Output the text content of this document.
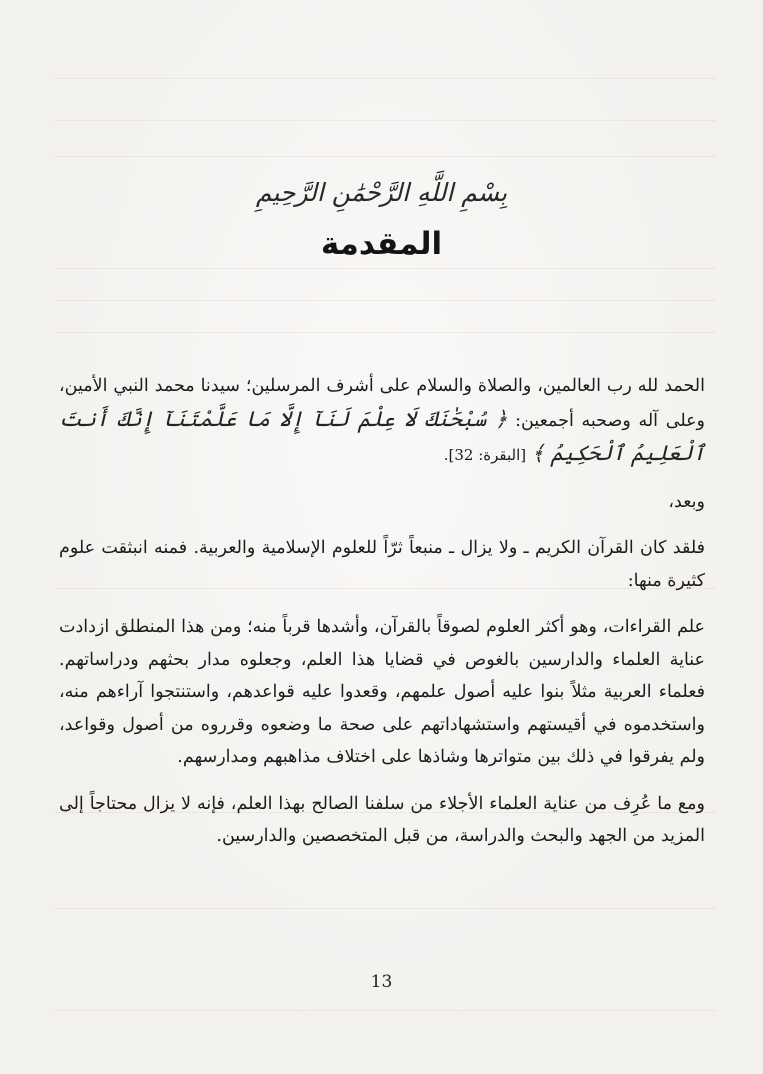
بِسْمِ اللَّهِ الرَّحْمَٰنِ الرَّحِيمِ
المقدمة

الحمد لله رب العالمين، والصلاة والسلام على أشرف المرسلين؛ سيدنا محمد النبي الأمين، وعلى آله وصحبه أجمعين: ﴿ سُبْحَٰنَكَ لَا عِلْمَ لَنَآ إِلَّا مَا عَلَّمْتَنَآ إِنَّكَ أَنتَ ٱلْعَلِيمُ ٱلْحَكِيمُ ﴾ [البقرة: 32].

وبعد،

فلقد كان القرآن الكريم ـ ولا يزال ـ منبعاً ثرّاً للعلوم الإسلامية والعربية. فمنه انبثقت علوم كثيرة منها:

علم القراءات، وهو أكثر العلوم لصوقاً بالقرآن، وأشدها قرباً منه؛ ومن هذا المنطلق ازدادت عناية العلماء والدارسين بالغوص في قضايا هذا العلم، وجعلوه مدار بحثهم ودراساتهم. فعلماء العربية مثلاً بنوا عليه أصول علمهم، وقعدوا عليه قواعدهم، واستنتجوا آراءهم منه، واستخدموه في أقيستهم واستشهاداتهم على صحة ما وضعوه وقرروه من أصول وقواعد، ولم يفرقوا في ذلك بين متواترها وشاذها على اختلاف مذاهبهم ومدارسهم.

ومع ما عُرِف من عناية العلماء الأجلاء من سلفنا الصالح بهذا العلم، فإنه لا يزال محتاجاً إلى المزيد من الجهد والبحث والدراسة، من قبل المتخصصين والدارسين.

13
